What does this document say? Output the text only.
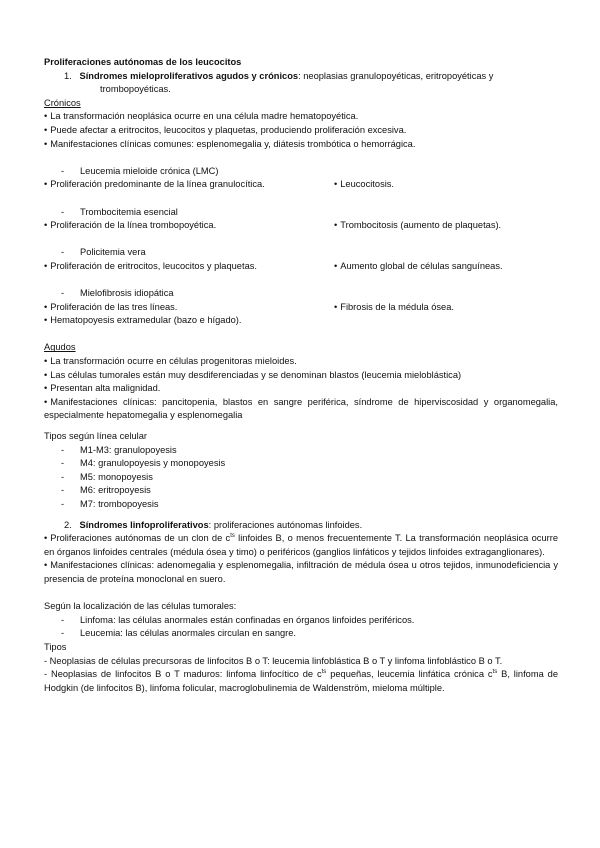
Proliferaciones autónomas de los leucocitos
1. Síndromes mieloproliferativos agudos y crónicos: neoplasias granulopoyéticas, eritropoyéticas y
trombopoyéticas.
Crónicos
• La transformación neoplásica ocurre en una célula madre hematopoyética.
• Puede afectar a eritrocitos, leucocitos y plaquetas, produciendo proliferación excesiva.
• Manifestaciones clínicas comunes: esplenomegalia y, diátesis trombótica o hemorrágica.
- Leucemia mieloide crónica (LMC)
• Proliferación predominante de la línea granulocítica.	• Leucocitosis.
- Trombocitemia esencial
• Proliferación de la línea trombopoyética.	• Trombocitosis (aumento de plaquetas).
- Policitemia vera
• Proliferación de eritrocitos, leucocitos y plaquetas.	• Aumento global de células sanguíneas.
- Mielofibrosis idiopática
• Proliferación de las tres líneas.	• Fibrosis de la médula ósea.
• Hematopoyesis extramedular (bazo e hígado).
Agudos
• La transformación ocurre en células progenitoras mieloides.
• Las células tumorales están muy desdiferenciadas y se denominan blastos (leucemia mieloblástica)
• Presentan alta malignidad.
• Manifestaciones clínicas: pancitopenia, blastos en sangre periférica, síndrome de hiperviscosidad y organomegalia, especialmente hepatomegalia y esplenomegalia
Tipos según línea celular
- M1-M3: granulopoyesis
- M4: granulopoyesis y monopoyesis
- M5: monopoyesis
- M6: eritropoyesis
- M7: trombopoyesis
2. Síndromes linfoproliferativos: proliferaciones autónomas linfoides.
• Proliferaciones autónomas de un clon de $c^{ts}$ linfoides B, o menos frecuentemente T. La transformación neoplásica ocurre en órganos linfoides centrales (médula ósea y timo) o periféricos (ganglios linfáticos y tejidos linfoides extraganglionares).
• Manifestaciones clínicas: adenomegalia y esplenomegalia, infiltración de médula ósea u otros tejidos, inmunodeficiencia y presencia de proteína monoclonal en suero.
Según la localización de las células tumorales:
- Linfoma: las células anormales están confinadas en órganos linfoides periféricos.
- Leucemia: las células anormales circulan en sangre.
Tipos
- Neoplasias de células precursoras de linfocitos B o T: leucemia linfoblástica B o T y linfoma linfoblástico B o T.
- Neoplasias de linfocitos B o T maduros: linfoma linfocítico de $c^{ts}$ pequeñas, leucemia linfática crónica $c^{ts}$ B, linfoma de Hodgkin (de linfocitos B), linfoma folicular, macroglobulinemia de Waldenström, mieloma múltiple.
